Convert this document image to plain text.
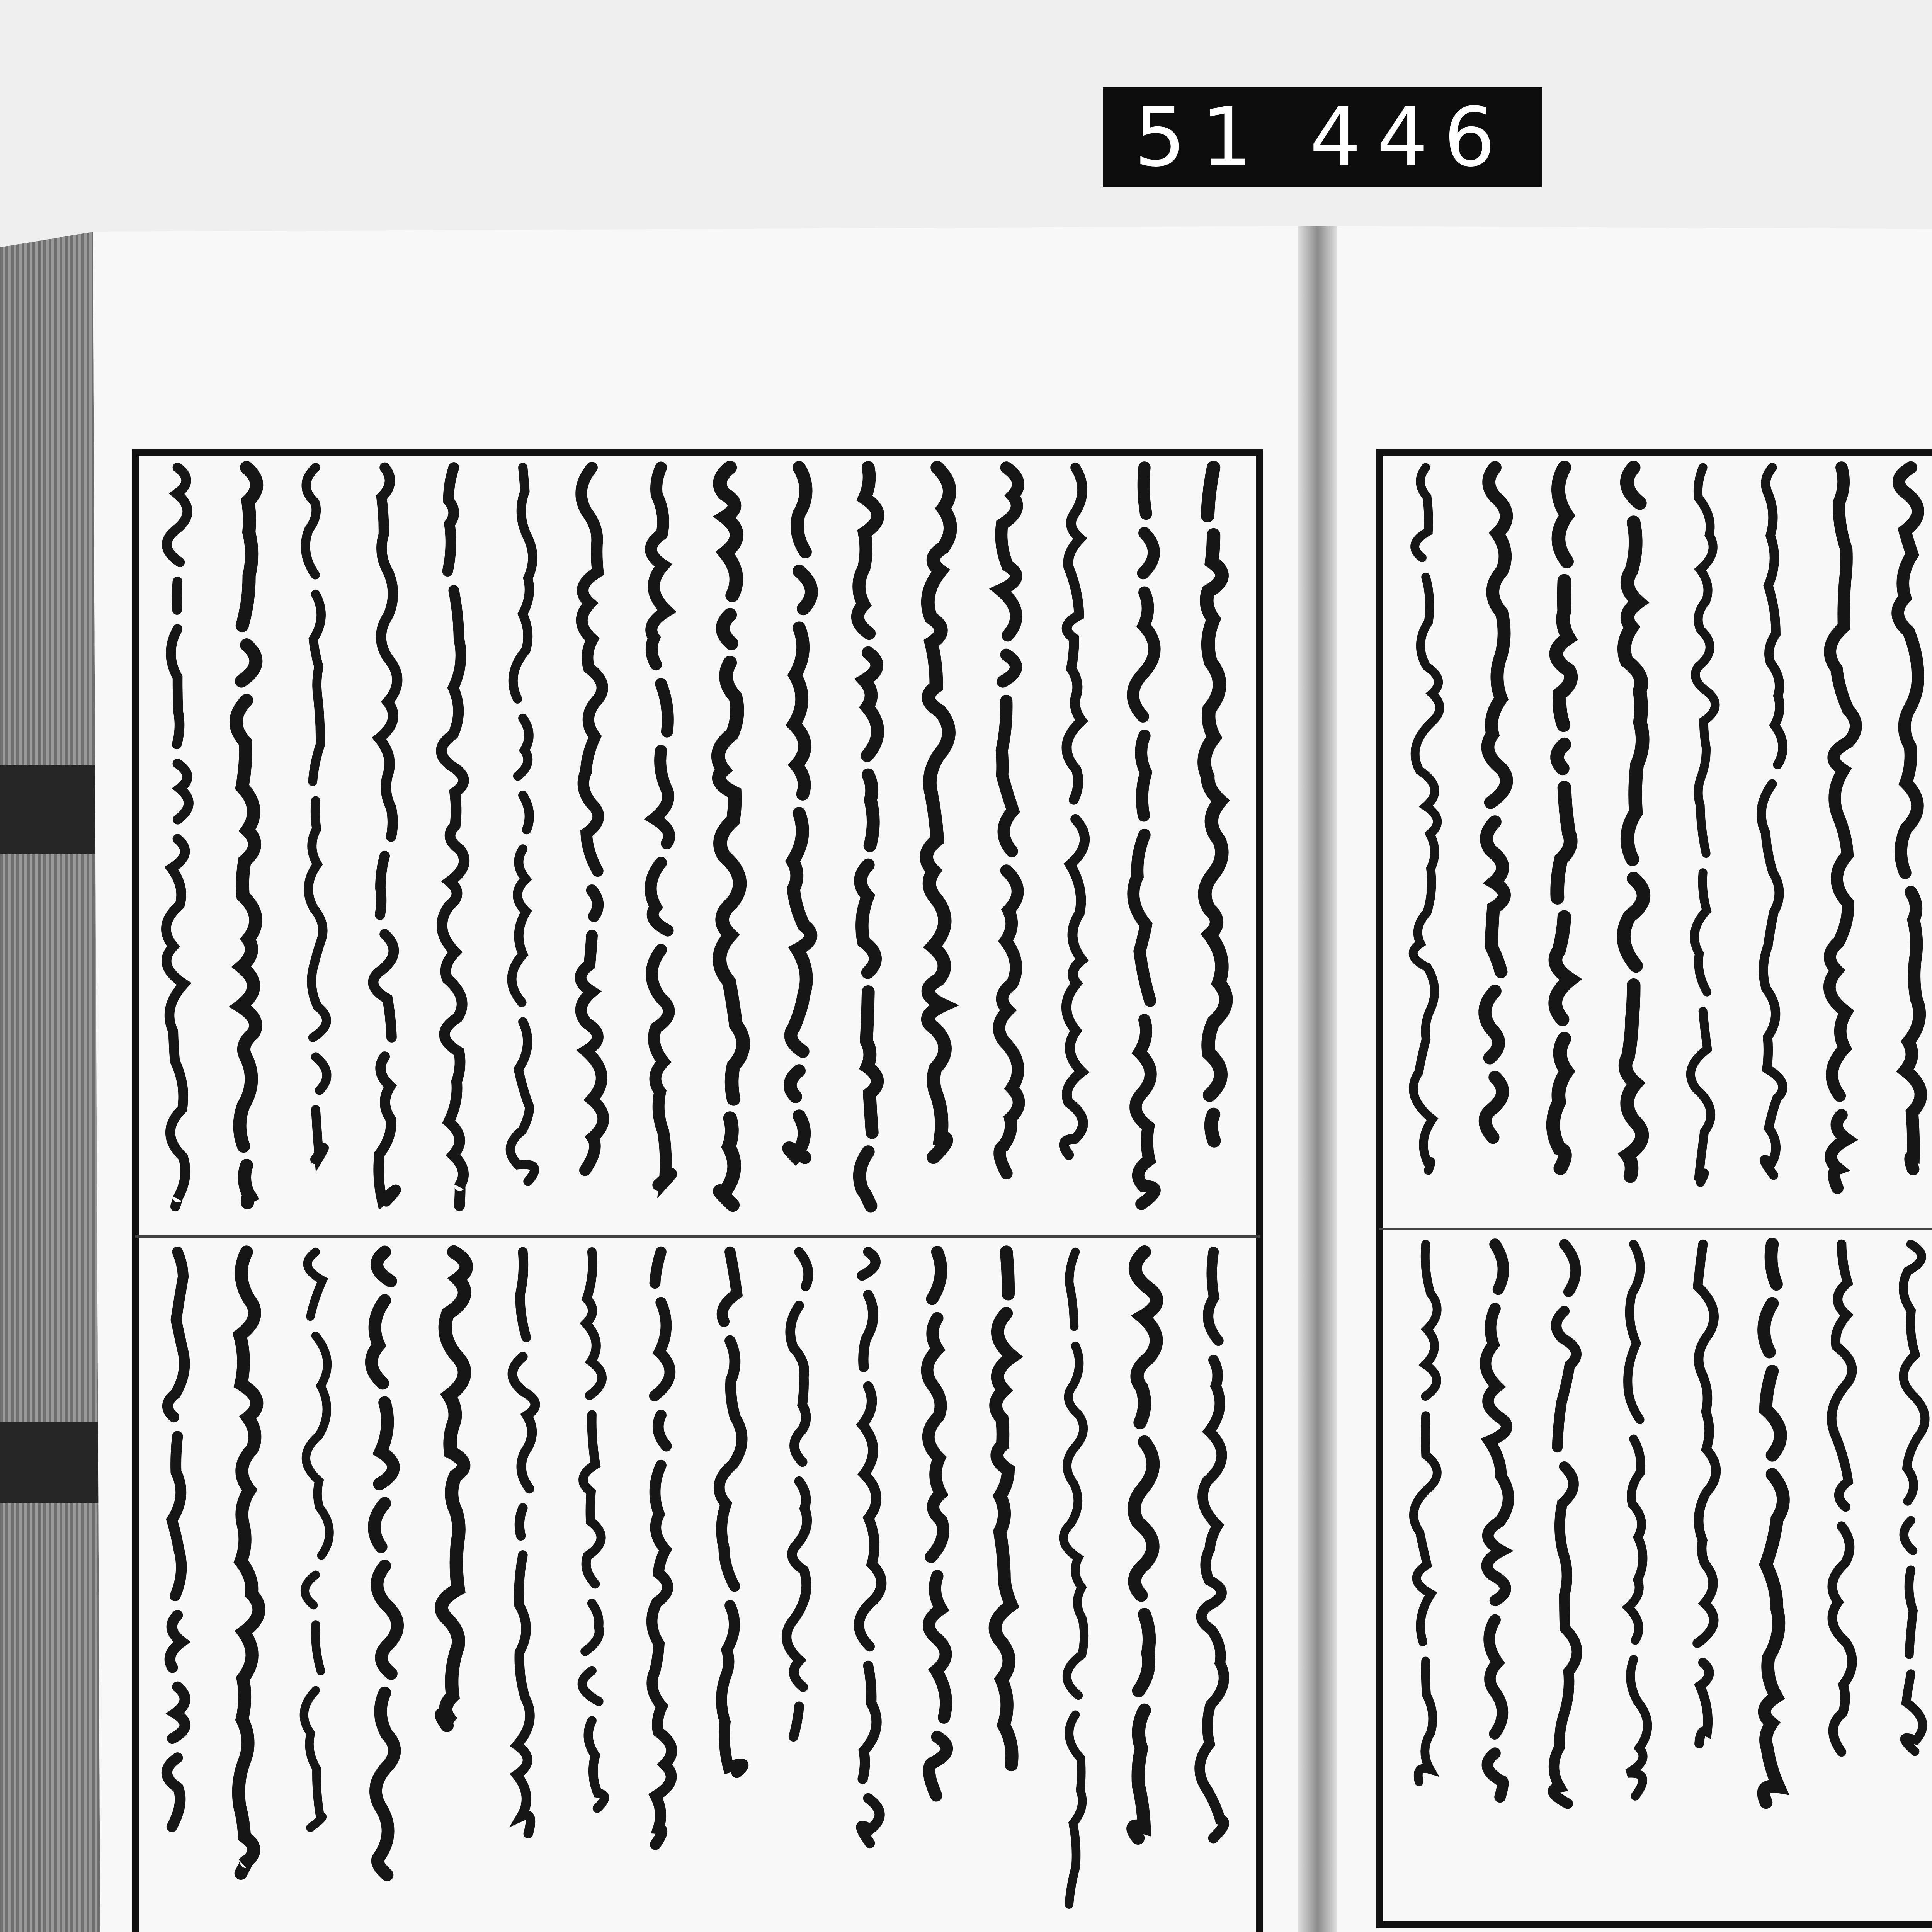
51 446
